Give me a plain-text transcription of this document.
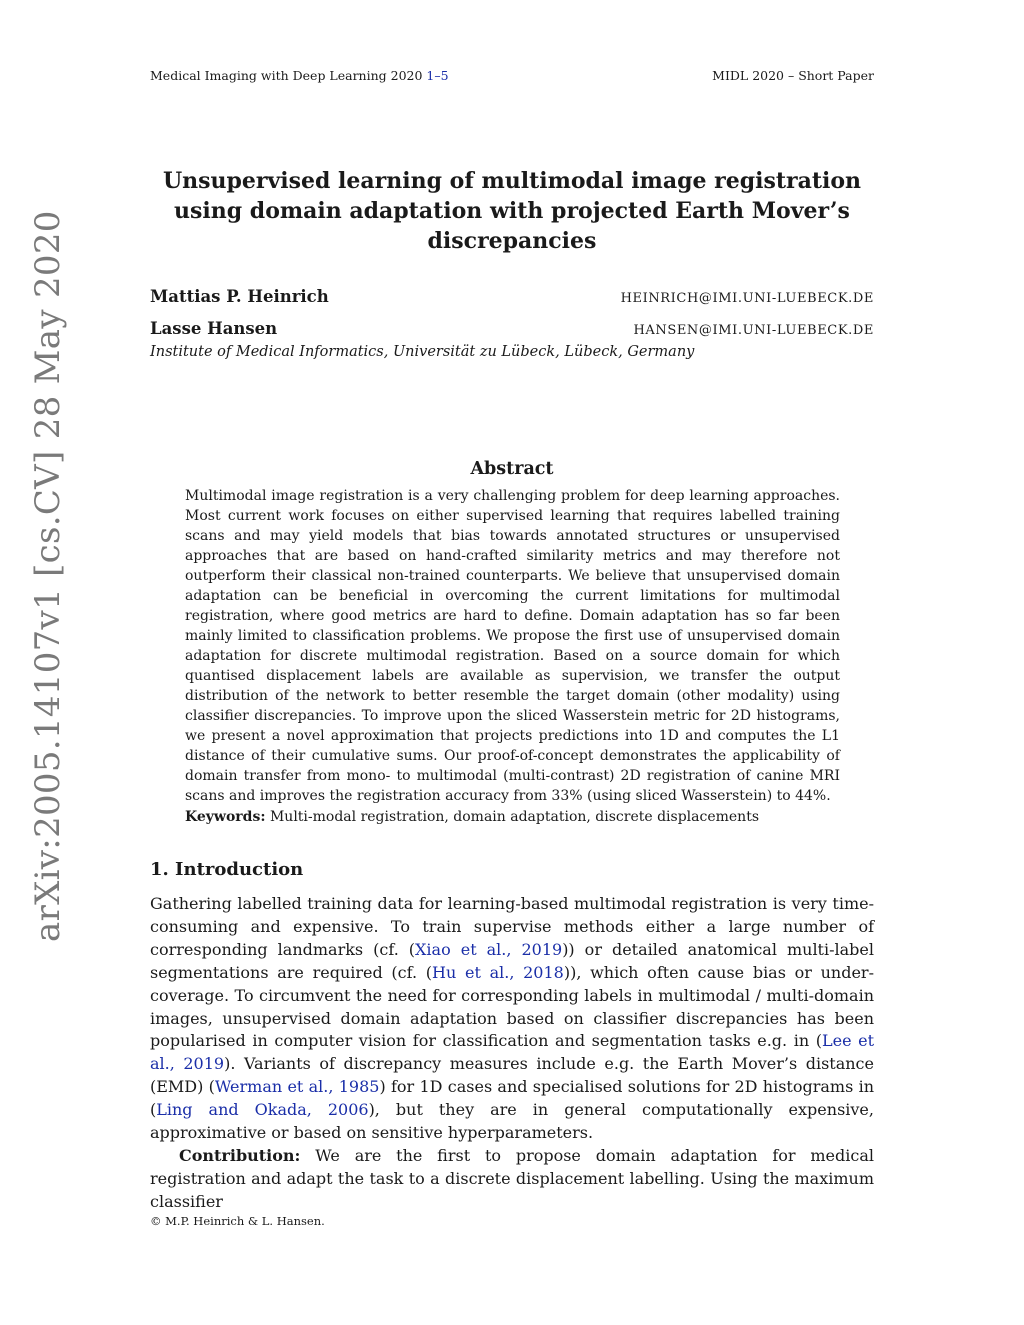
Medical Imaging with Deep Learning 2020 1–5	MIDL 2020 – Short Paper
arXiv:2005.14107v1 [cs.CV] 28 May 2020
Unsupervised learning of multimodal image registration using domain adaptation with projected Earth Mover’s discrepancies
Mattias P. Heinrich	HEINRICH@IMI.UNI-LUEBECK.DE
Lasse Hansen	HANSEN@IMI.UNI-LUEBECK.DE
Institute of Medical Informatics, Universität zu Lübeck, Lübeck, Germany
Abstract
Multimodal image registration is a very challenging problem for deep learning approaches. Most current work focuses on either supervised learning that requires labelled training scans and may yield models that bias towards annotated structures or unsupervised approaches that are based on hand-crafted similarity metrics and may therefore not outperform their classical non-trained counterparts. We believe that unsupervised domain adaptation can be beneficial in overcoming the current limitations for multimodal registration, where good metrics are hard to define. Domain adaptation has so far been mainly limited to classification problems. We propose the first use of unsupervised domain adaptation for discrete multimodal registration. Based on a source domain for which quantised displacement labels are available as supervision, we transfer the output distribution of the network to better resemble the target domain (other modality) using classifier discrepancies. To improve upon the sliced Wasserstein metric for 2D histograms, we present a novel approximation that projects predictions into 1D and computes the L1 distance of their cumulative sums. Our proof-of-concept demonstrates the applicability of domain transfer from mono- to multimodal (multi-contrast) 2D registration of canine MRI scans and improves the registration accuracy from 33% (using sliced Wasserstein) to 44%.
Keywords: Multi-modal registration, domain adaptation, discrete displacements
1. Introduction

Gathering labelled training data for learning-based multimodal registration is very time-consuming and expensive. To train supervise methods either a large number of corresponding landmarks (cf. (Xiao et al., 2019)) or detailed anatomical multi-label segmentations are required (cf. (Hu et al., 2018)), which often cause bias or under-coverage. To circumvent the need for corresponding labels in multimodal / multi-domain images, unsupervised domain adaptation based on classifier discrepancies has been popularised in computer vision for classification and segmentation tasks e.g. in (Lee et al., 2019). Variants of discrepancy measures include e.g. the Earth Mover’s distance (EMD) (Werman et al., 1985) for 1D cases and specialised solutions for 2D histograms in (Ling and Okada, 2006), but they are in general computationally expensive, approximative or based on sensitive hyperparameters.

Contribution: We are the first to propose domain adaptation for medical registration and adapt the task to a discrete displacement labelling. Using the maximum classifier

© M.P. Heinrich & L. Hansen.
